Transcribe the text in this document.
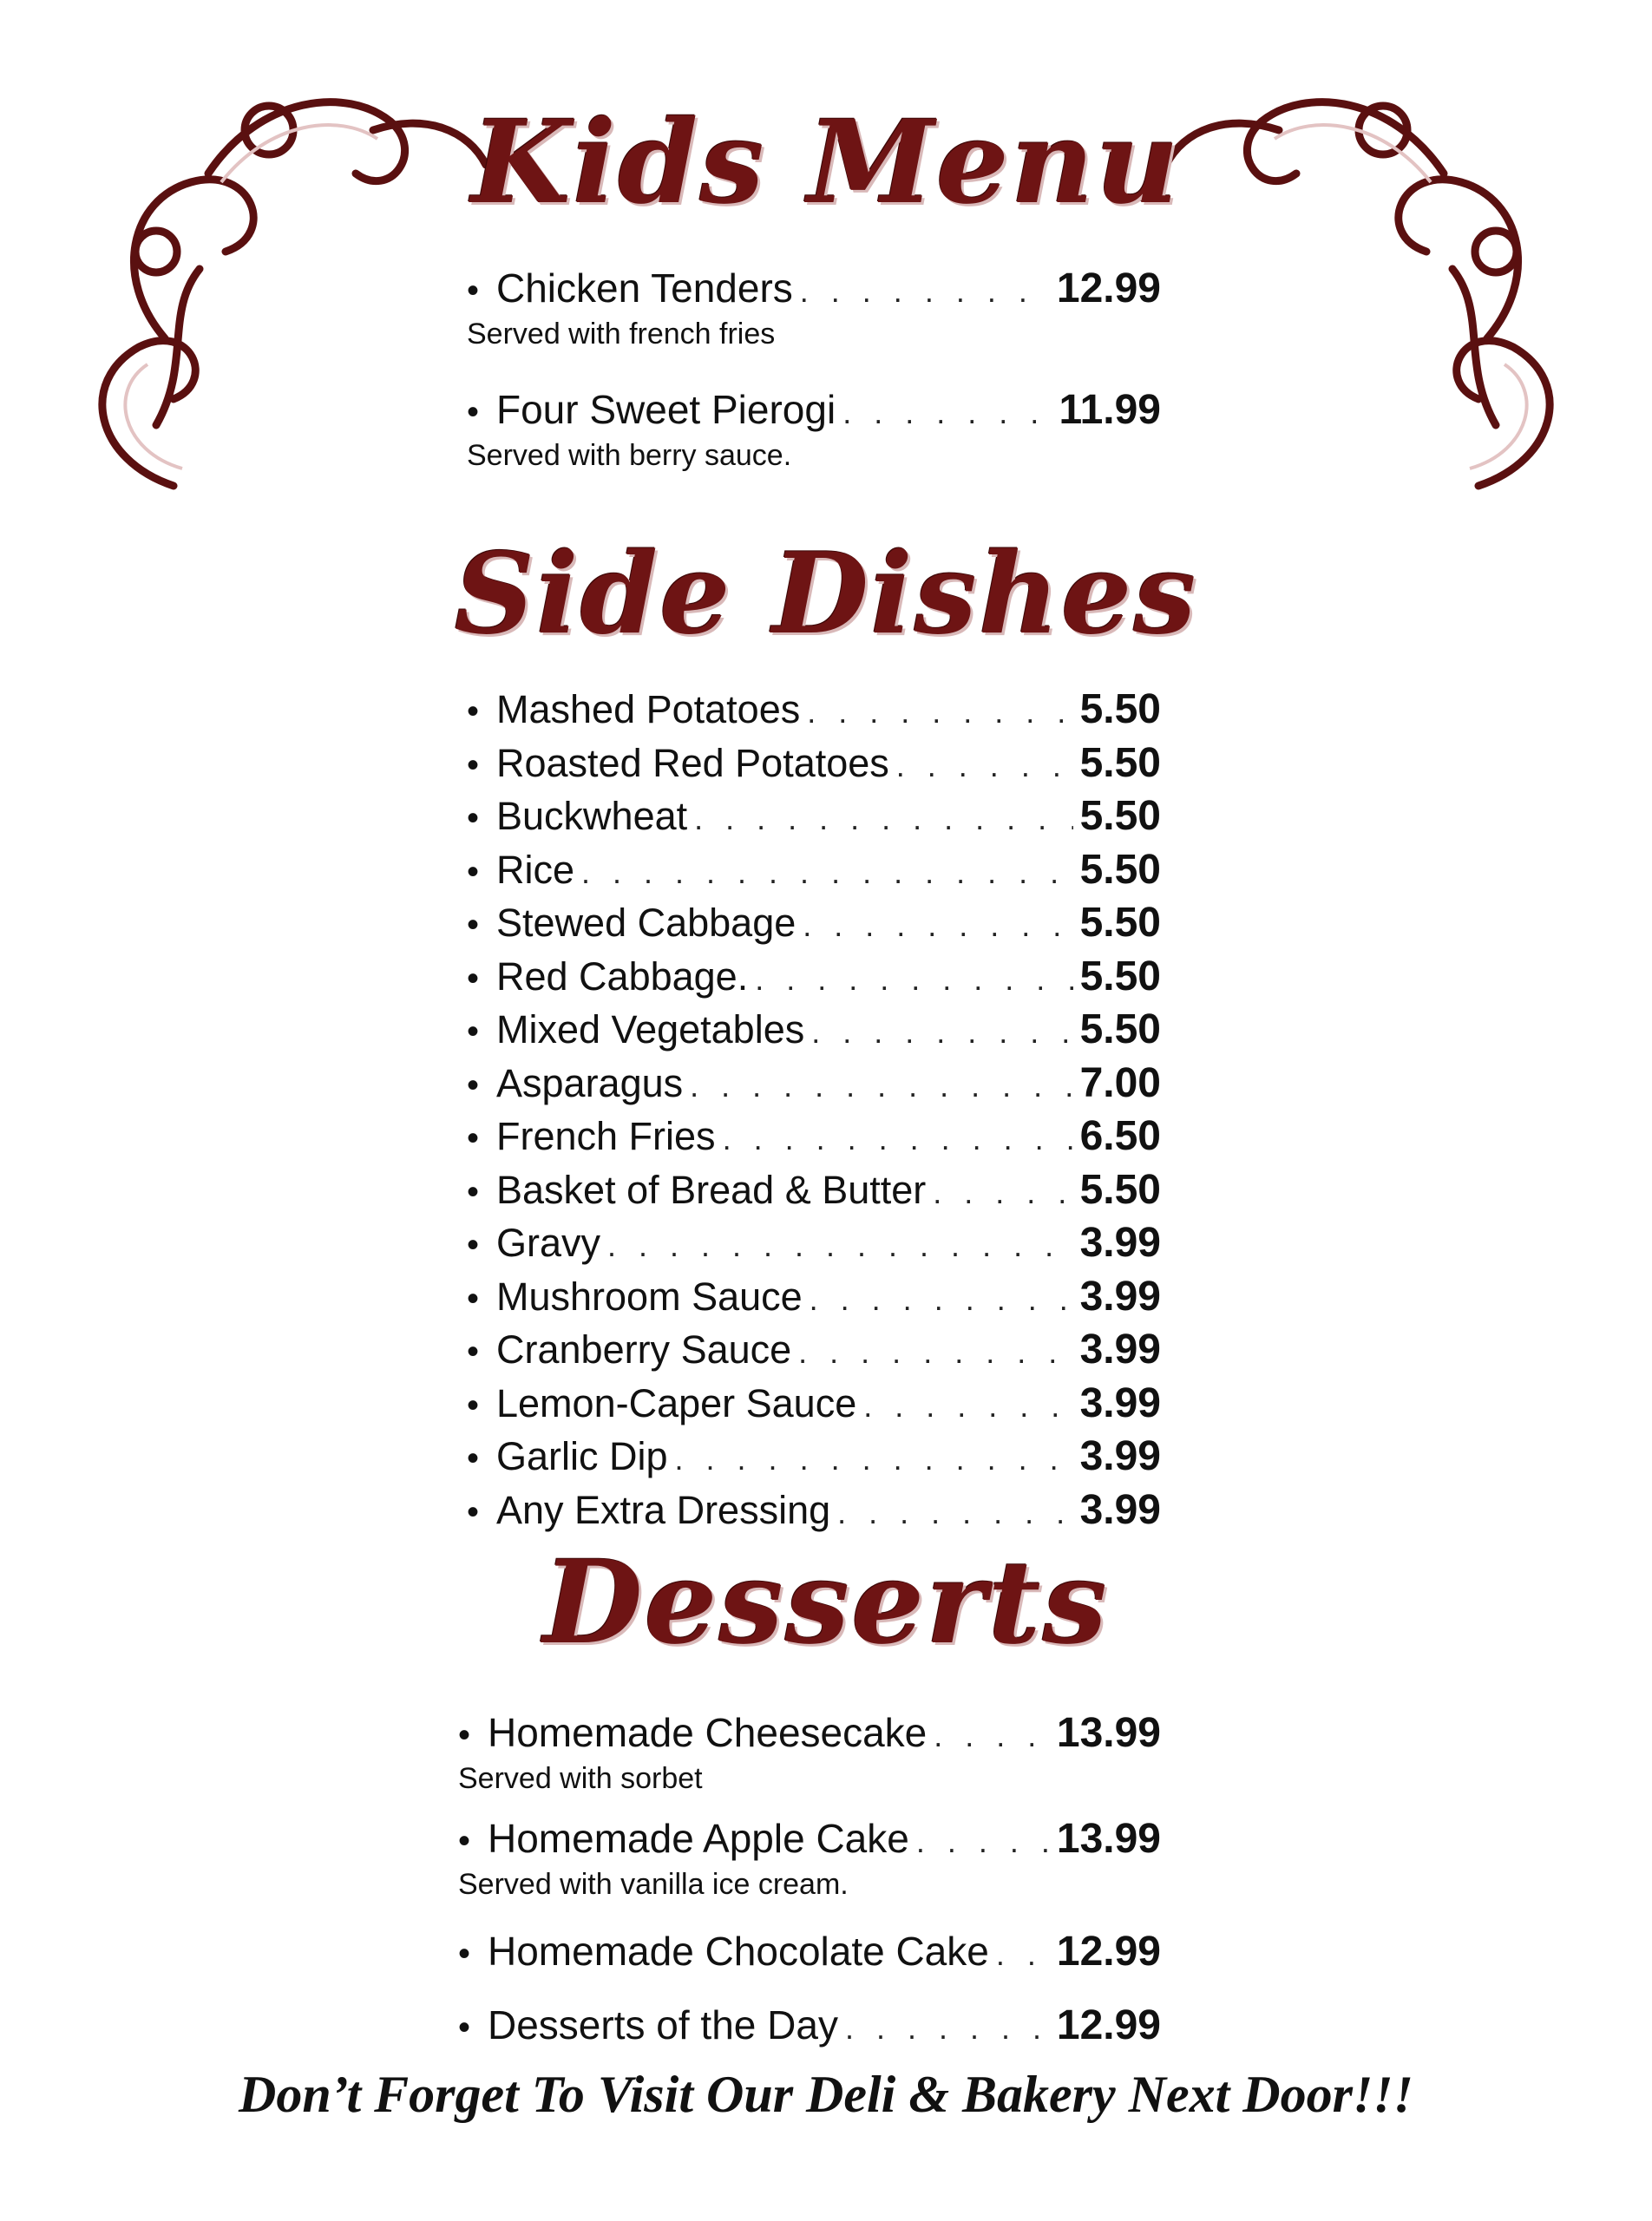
Kids Menu
• Chicken Tenders . . .	12.99
Served with french fries
• Four Sweet Pierogi . . .	11.99
Served with berry sauce.
Side Dishes
• Mashed Potatoes . . .	5.50
• Roasted Red Potatoes . . .	5.50
• Buckwheat . . .	5.50
• Rice . . .	5.50
• Stewed Cabbage . . .	5.50
• Red Cabbage. . . .	5.50
• Mixed Vegetables . . .	5.50
• Asparagus . . .	7.00
• French Fries . . .	6.50
• Basket of Bread & Butter . . .	5.50
• Gravy . . .	3.99
• Mushroom Sauce . . .	3.99
• Cranberry Sauce . . .	3.99
• Lemon-Caper Sauce . . .	3.99
• Garlic Dip . . .	3.99
• Any Extra Dressing . . .	3.99
Desserts
• Homemade Cheesecake . . .	13.99
Served with sorbet
• Homemade Apple Cake . . .	13.99
Served with vanilla ice cream.
• Homemade Chocolate Cake . . . 12.99
• Desserts of the Day . . .	12.99
Don’t Forget To Visit Our Deli & Bakery Next Door!!!
